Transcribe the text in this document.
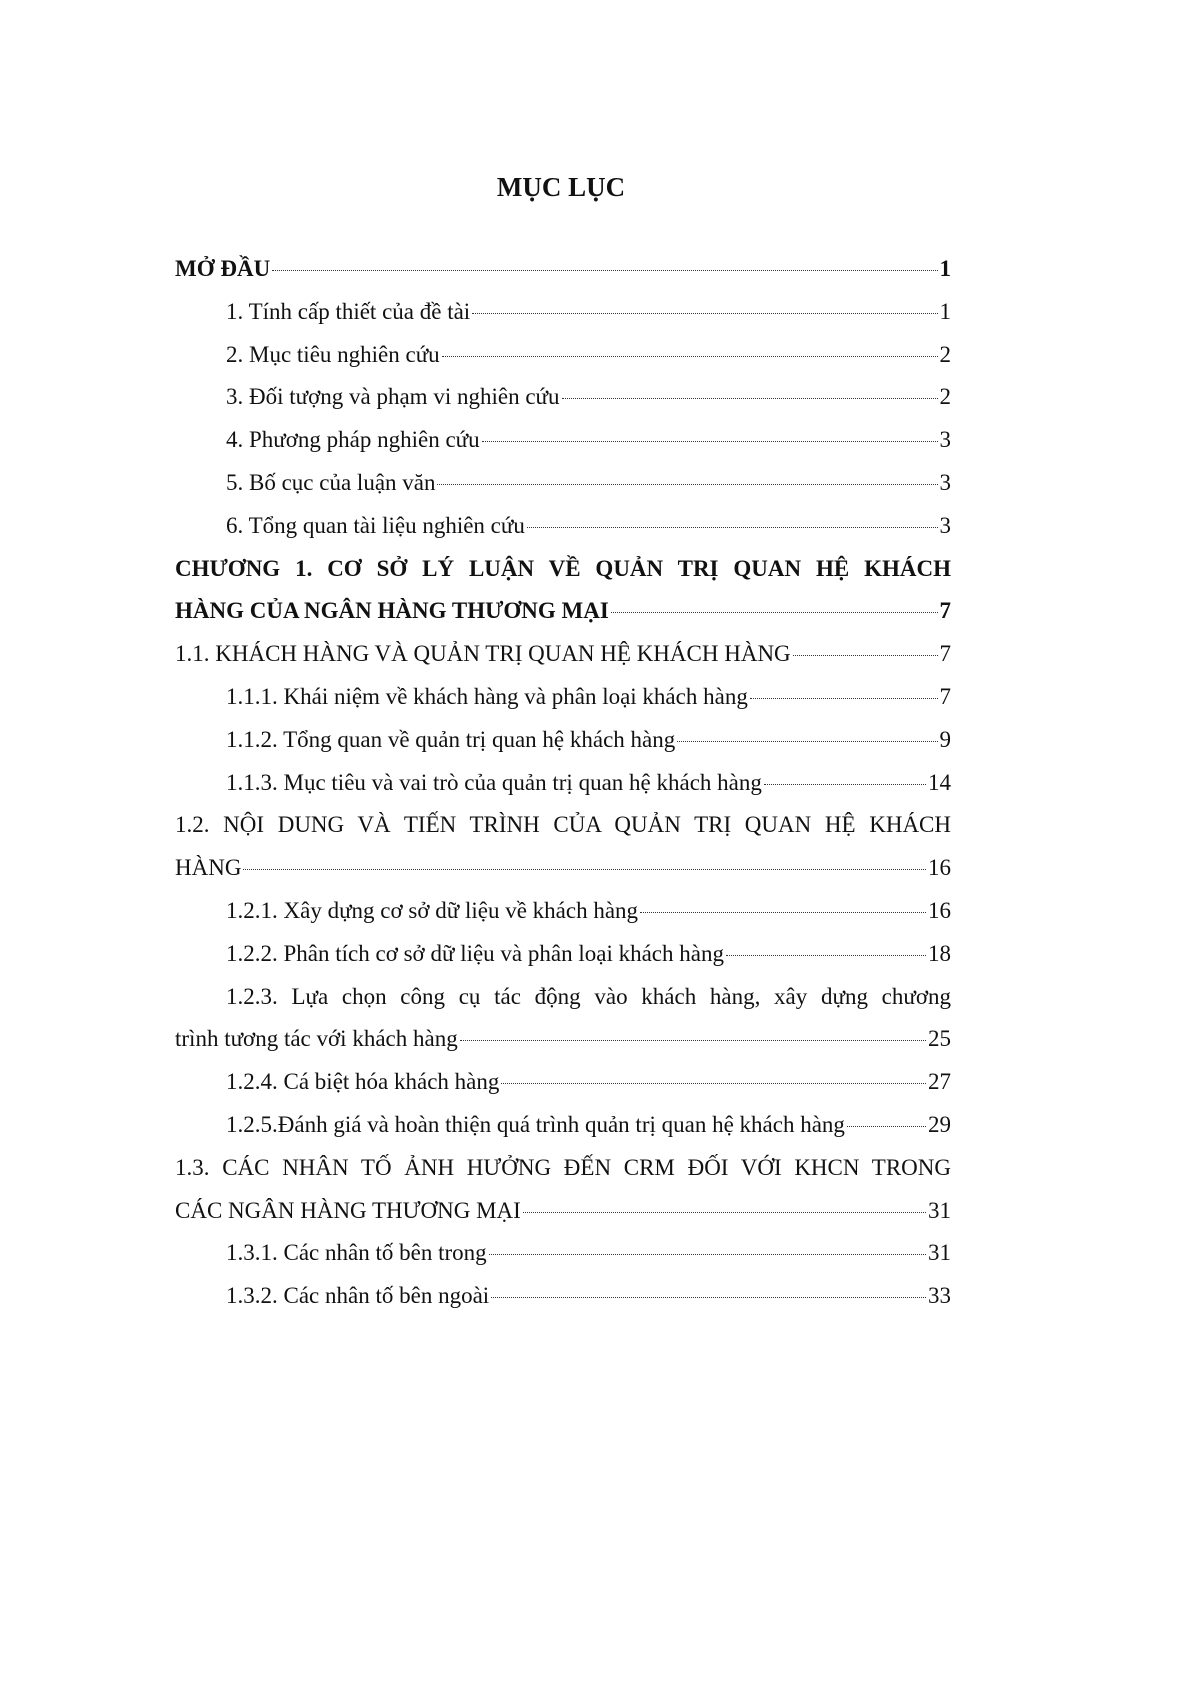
MỤC LỤC
MỞ ĐẦU	1
1. Tính cấp thiết của đề tài	1
2. Mục tiêu nghiên cứu	2
3. Đối tượng và phạm vi nghiên cứu	2
4. Phương pháp nghiên cứu	3
5. Bố cục của luận văn	3
6. Tổng quan tài liệu nghiên cứu	3
CHƯƠNG 1. CƠ SỞ LÝ LUẬN VỀ QUẢN TRỊ QUAN HỆ KHÁCH
HÀNG CỦA NGÂN HÀNG THƯƠNG MẠI	7
1.1. KHÁCH HÀNG VÀ QUẢN TRỊ QUAN HỆ KHÁCH HÀNG	7
1.1.1. Khái niệm về khách hàng và phân loại khách hàng	7
1.1.2. Tổng quan về quản trị quan hệ khách hàng	9
1.1.3. Mục tiêu và vai trò của quản trị quan hệ khách hàng	14
1.2. NỘI DUNG VÀ TIẾN TRÌNH CỦA QUẢN TRỊ QUAN HỆ KHÁCH
HÀNG	16
1.2.1. Xây dựng cơ sở dữ liệu về khách hàng	16
1.2.2. Phân tích cơ sở dữ liệu và phân loại khách hàng	18
1.2.3. Lựa chọn công cụ tác động vào khách hàng, xây dựng chương
trình tương tác với khách hàng	25
1.2.4. Cá biệt hóa khách hàng	27
1.2.5.Đánh giá và hoàn thiện quá trình quản trị quan hệ khách hàng	29
1.3. CÁC NHÂN TỐ ẢNH HƯỞNG ĐẾN CRM ĐỐI VỚI KHCN TRONG
CÁC NGÂN HÀNG THƯƠNG MẠI	31
1.3.1. Các nhân tố bên trong	31
1.3.2. Các nhân tố bên ngoài	33
